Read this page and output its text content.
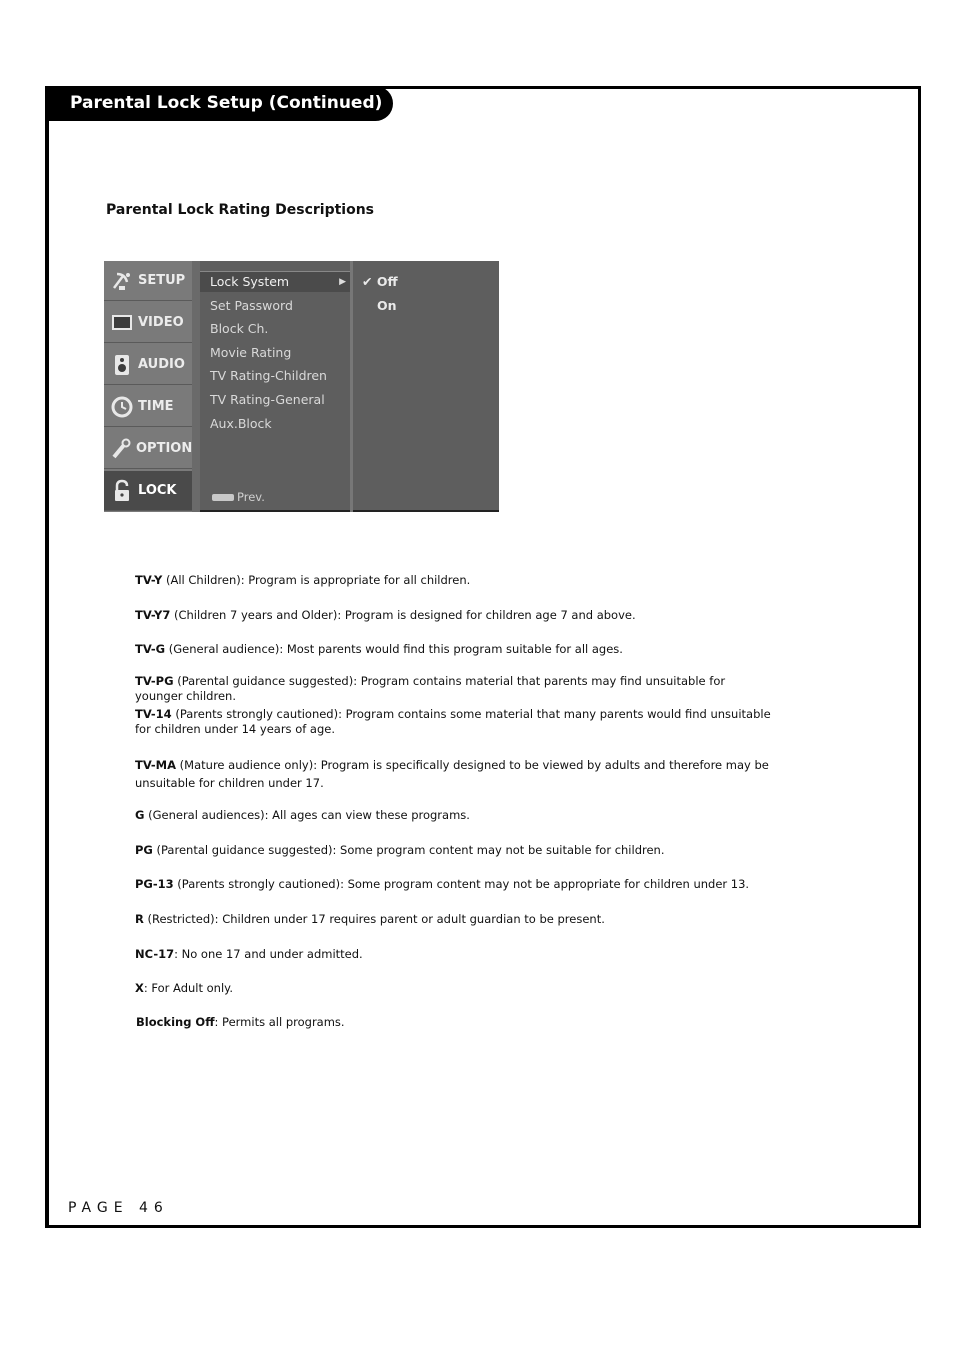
Parental Lock Setup (Continued)
Parental Lock Rating Descriptions
SETUP
VIDEO
AUDIO
TIME
OPTION
LOCK
Lock System	▶
Set Password
Block Ch.
Movie Rating
TV Rating-Children
TV Rating-General
Aux.Block
Prev.
✔ Off
On
TV-Y (All Children): Program is appropriate for all children.
TV-Y7 (Children 7 years and Older): Program is designed for children age 7 and above.
TV-G (General audience): Most parents would find this program suitable for all ages.
TV-PG (Parental guidance suggested): Program contains material that parents may find unsuitable for younger children.
TV-14 (Parents strongly cautioned): Program contains some material that many parents would find unsuitable for children under 14 years of age.
TV-MA (Mature audience only): Program is specifically designed to be viewed by adults and therefore may be unsuitable for children under 17.
G (General audiences): All ages can view these programs.
PG (Parental guidance suggested): Some program content may not be suitable for children.
PG-13 (Parents strongly cautioned): Some program content may not be appropriate for children under 13.
R (Restricted): Children under 17 requires parent or adult guardian to be present.
NC-17: No one 17 and under admitted.
X: For Adult only.
Blocking Off: Permits all programs.
PAGE 46
